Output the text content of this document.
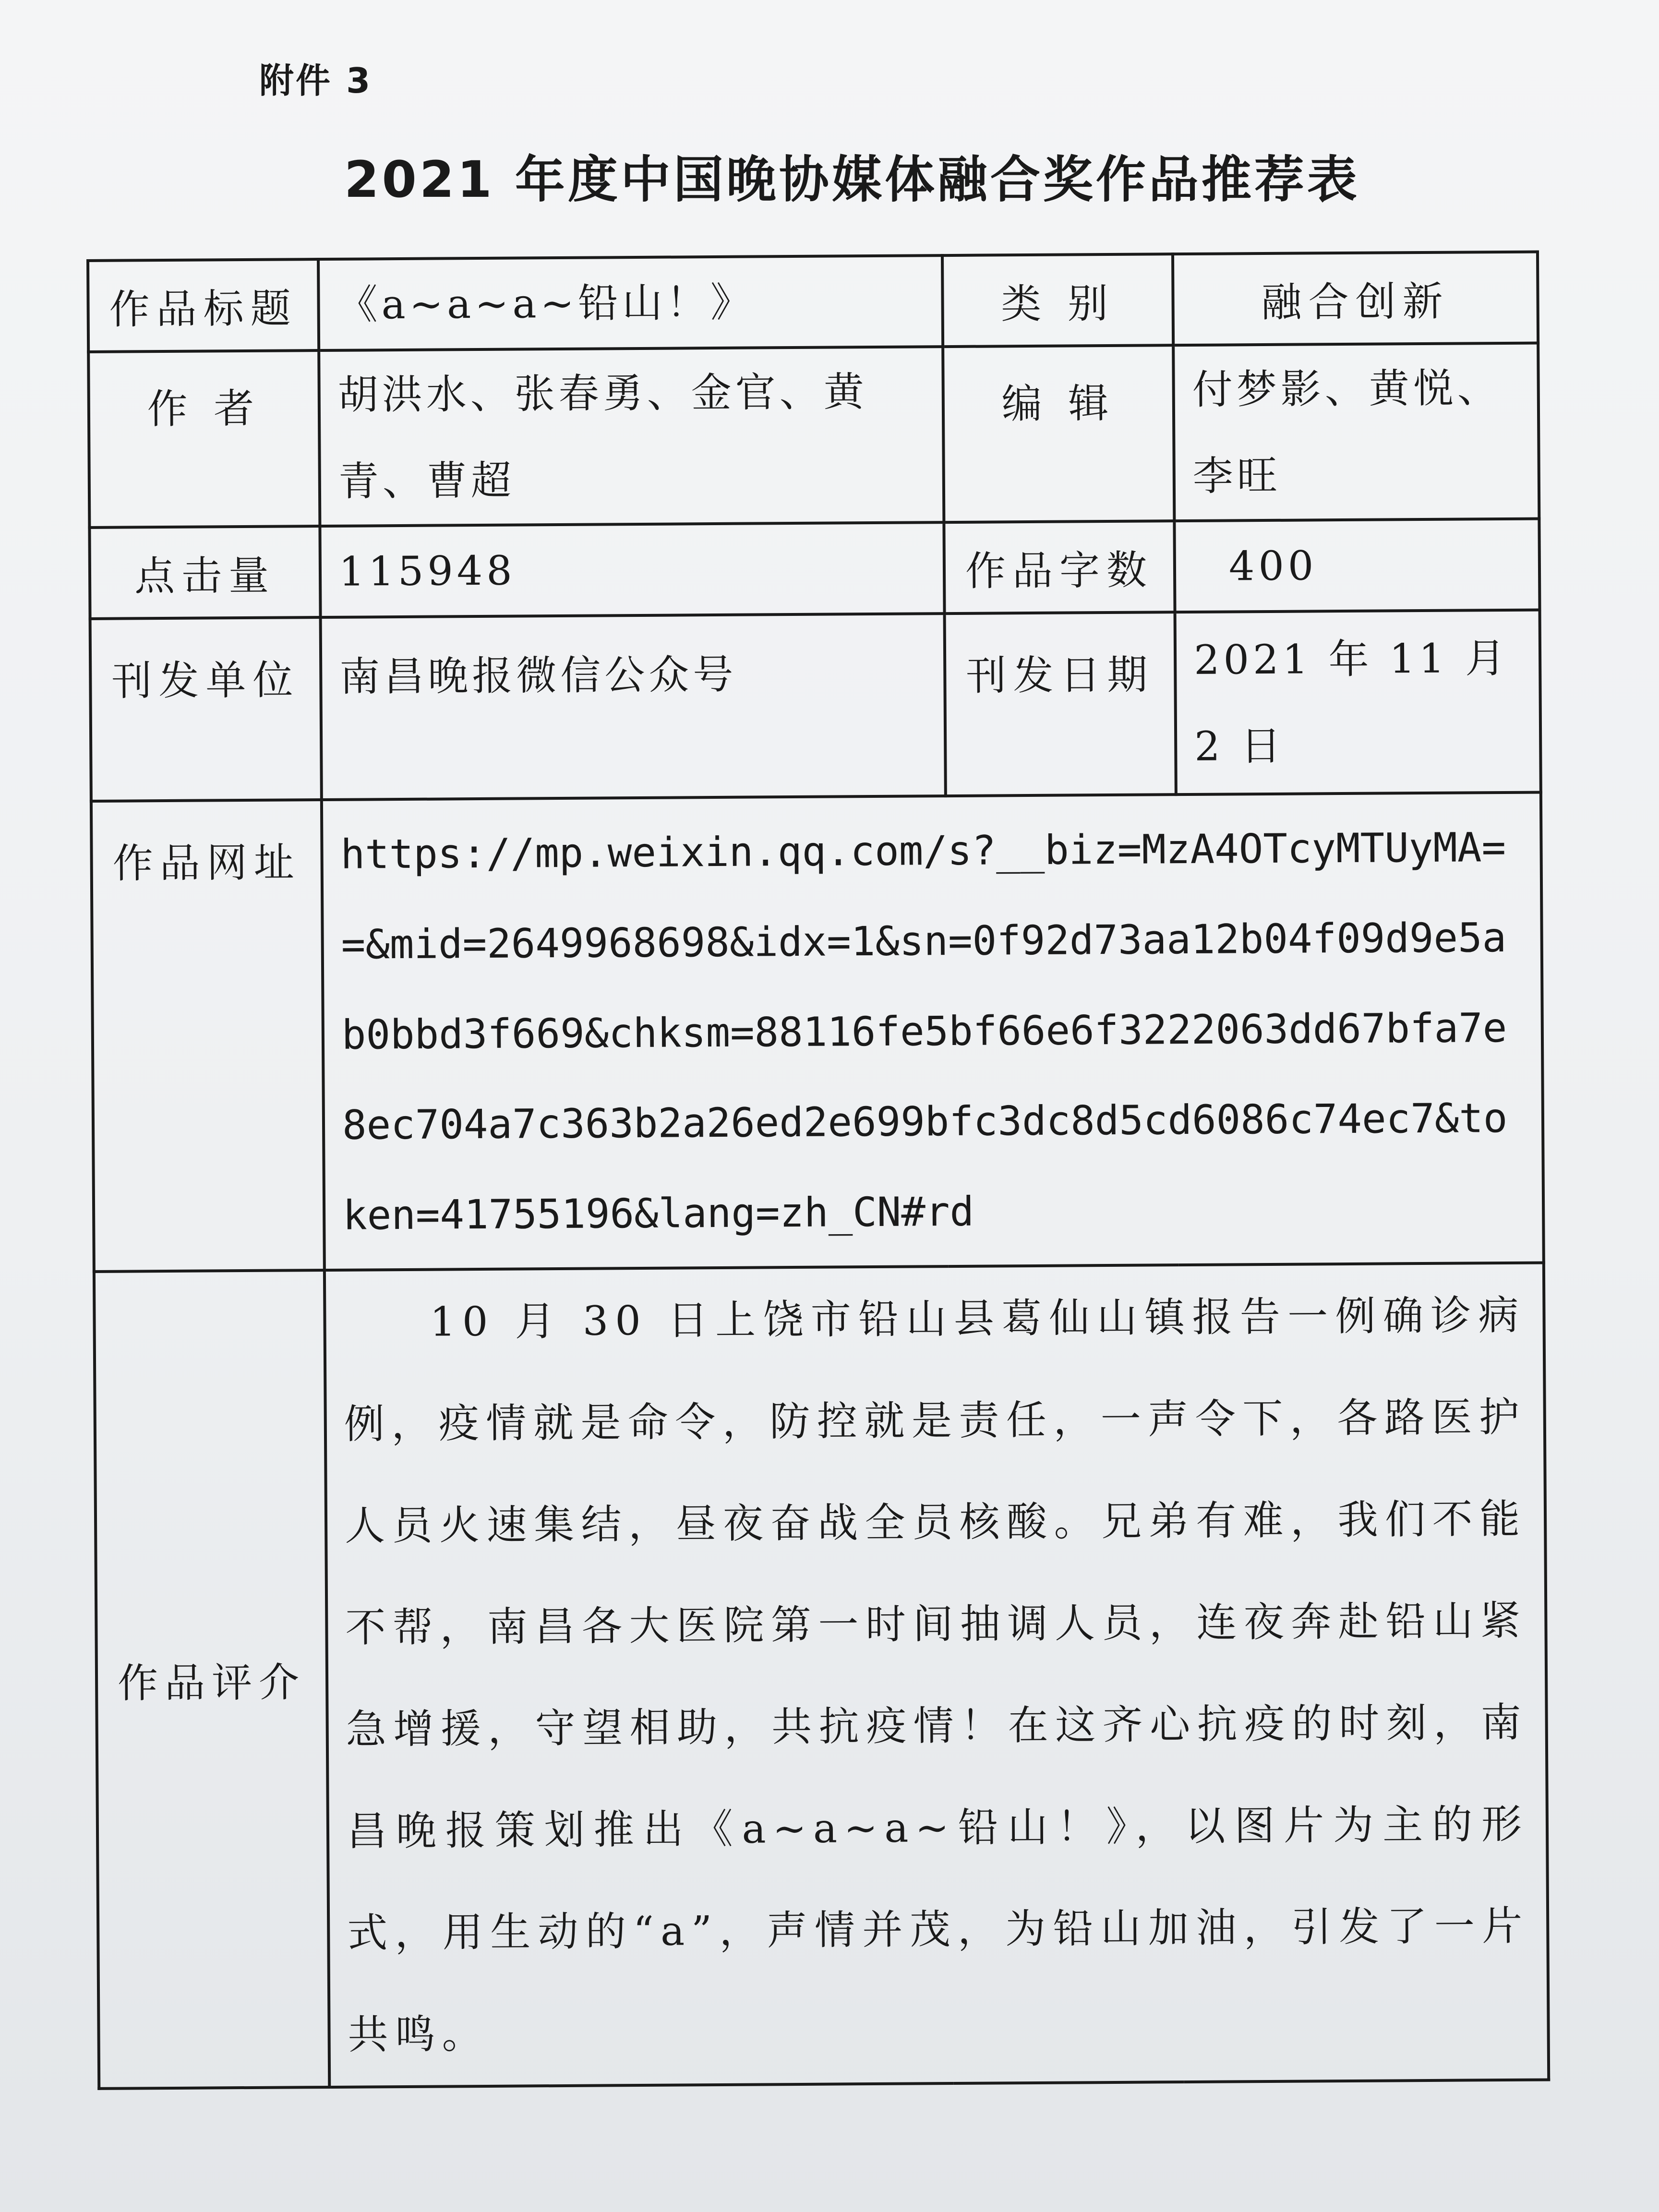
附件 3
2021 年度中国晚协媒体融合奖作品推荐表
作品标题	《a~a~a~铅山！》	类 别	融合创新
作 者	胡洪水、张春勇、金官、黄青、曹超	编 辑	付梦影、黄悦、李旺
点击量	115948	作品字数	400
刊发单位	南昌晚报微信公众号	刊发日期	2021 年 11 月 2 日
作品网址	https://mp.weixin.qq.com/s?__biz=MzA4OTcyMTUyMA==&mid=2649968698&idx=1&sn=0f92d73aa12b04f09d9e5ab0bbd3f669&chksm=88116fe5bf66e6f3222063dd67bfa7e8ec704a7c363b2a26ed2e699bfc3dc8d5cd6086c74ec7&token=41755196&lang=zh_CN#rd		
作品评介	10 月 30 日上饶市铅山县葛仙山镇报告一例确诊病例，疫情就是命令，防控就是责任，一声令下，各路医护人员火速集结，昼夜奋战全员核酸。兄弟有难，我们不能不帮，南昌各大医院第一时间抽调人员，连夜奔赴铅山紧急增援，守望相助，共抗疫情！在这齐心抗疫的时刻，南昌晚报策划推出《a~a~a~铅山！》，以图片为主的形式，用生动的“a”，声情并茂，为铅山加油，引发了一片共鸣。		
